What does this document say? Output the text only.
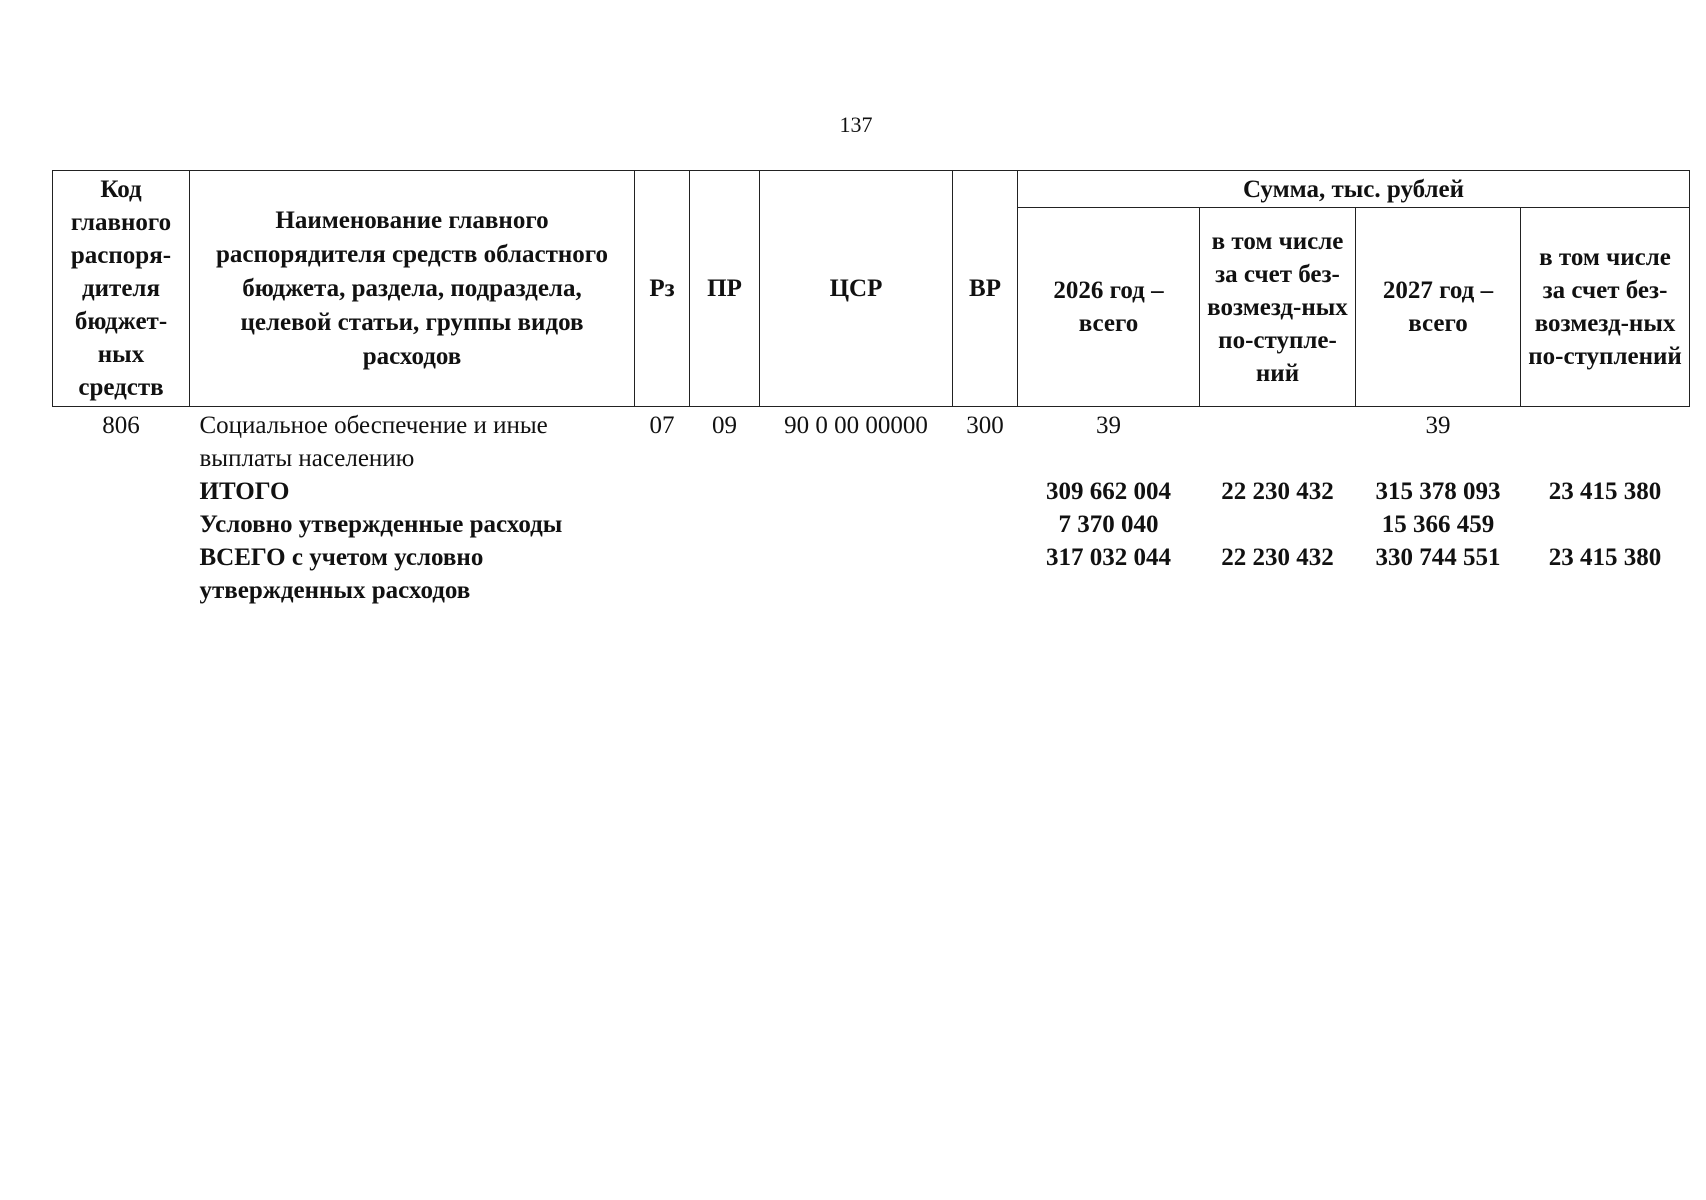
137
Код главного распоря-дителя бюджет-ных средств	Наименование главного распорядителя средств областного бюджета, раздела, подраздела, целевой статьи, группы видов расходов	Рз	ПР	ЦСР	ВР	Сумма, тыс. рублей			
						2026 год – всего	в том числе за счет без-возмезд-ных по-ступле-ний	2027 год – всего	в том числе за счет без-возмезд-ных по-ступлений
806	Социальное обеспечение и иные выплаты населению	07	09	90 0 00 00000	300	39		39	
	ИТОГО					309 662 004	22 230 432	315 378 093	23 415 380
	Условно утвержденные расходы					7 370 040		15 366 459	
	ВСЕГО с учетом условно утвержденных расходов					317 032 044	22 230 432	330 744 551	23 415 380
